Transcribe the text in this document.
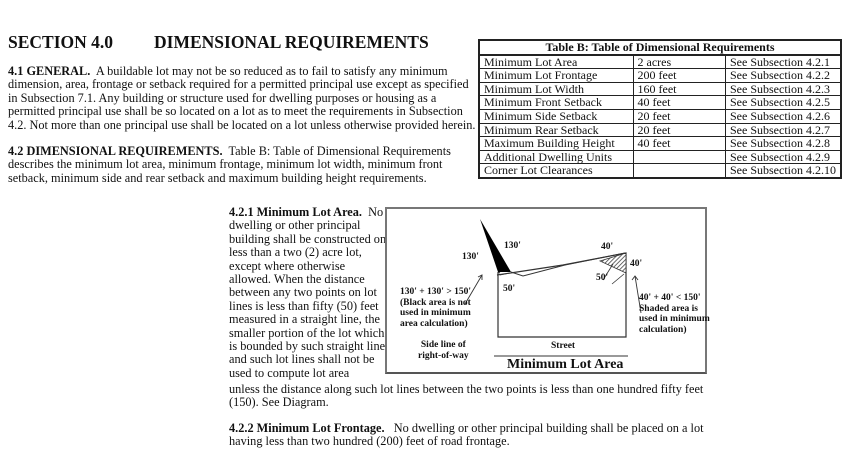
SECTION 4.0 DIMENSIONAL REQUIREMENTS
4.1 GENERAL. A buildable lot may not be so reduced as to fail to satisfy any minimum dimension, area, frontage or setback required for a permitted principal use except as specified in Subsection 7.1. Any building or structure used for dwelling purposes or housing as a permitted principal use shall be so located on a lot as to meet the requirements in Subsection 4.2. Not more than one principal use shall be located on a lot unless otherwise provided herein.
4.2 DIMENSIONAL REQUIREMENTS. Table B: Table of Dimensional Requirements describes the minimum lot area, minimum frontage, minimum lot width, minimum front setback, minimum side and rear setback and maximum building height requirements.
Table B: Table of Dimensional Requirements		
Minimum Lot Area	2 acres	See Subsection 4.2.1
Minimum Lot Frontage	200 feet	See Subsection 4.2.2
Minimum Lot Width	160 feet	See Subsection 4.2.3
Minimum Front Setback	40 feet	See Subsection 4.2.5
Minimum Side Setback	20 feet	See Subsection 4.2.6
Minimum Rear Setback	20 feet	See Subsection 4.2.7
Maximum Building Height	40 feet	See Subsection 4.2.8
Additional Dwelling Units		See Subsection 4.2.9
Corner Lot Clearances		See Subsection 4.2.10
4.2.1 Minimum Lot Area. No dwelling or other principal building shall be constructed on less than a two (2) acre lot, except where otherwise allowed. When the distance between any two points on lot lines is less than fifty (50) feet measured in a straight line, the smaller portion of the lot which is bounded by such straight line and such lot lines shall not be used to compute lot area
unless the distance along such lot lines between the two points is less than one hundred fifty feet (150). See Diagram.
130'
130'
50'
40'
40'
50'
130' + 130' > 150'
(Black area is not
used in minimum
area calculation)
40' + 40' < 150'
Shaded area is
used in minimum
calculation)
Side line of
right-of-way
Street
Minimum Lot Area
4.2.2 Minimum Lot Frontage. No dwelling or other principal building shall be placed on a lot having less than two hundred (200) feet of road frontage.
